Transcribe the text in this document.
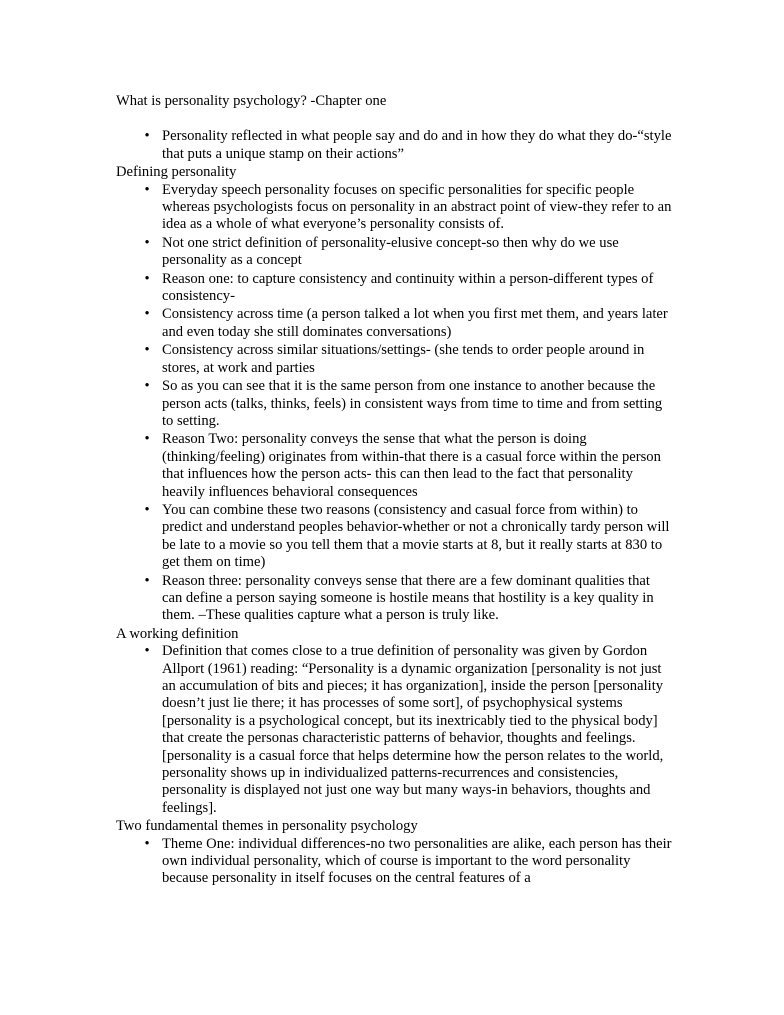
What is personality psychology? -Chapter one

• Personality reflected in what people say and do and in how they do what they do-“style that puts a unique stamp on their actions”

Defining personality

• Everyday speech personality focuses on specific personalities for specific people whereas psychologists focus on personality in an abstract point of view-they refer to an idea as a whole of what everyone’s personality consists of.
• Not one strict definition of personality-elusive concept-so then why do we use personality as a concept
• Reason one: to capture consistency and continuity within a person-different types of consistency-
• Consistency across time (a person talked a lot when you first met them, and years later and even today she still dominates conversations)
• Consistency across similar situations/settings- (she tends to order people around in stores, at work and parties
• So as you can see that it is the same person from one instance to another because the person acts (talks, thinks, feels) in consistent ways from time to time and from setting to setting.
• Reason Two: personality conveys the sense that what the person is doing (thinking/feeling) originates from within-that there is a casual force within the person that influences how the person acts- this can then lead to the fact that personality heavily influences behavioral consequences
• You can combine these two reasons (consistency and casual force from within) to predict and understand peoples behavior-whether or not a chronically tardy person will be late to a movie so you tell them that a movie starts at 8, but it really starts at 830 to get them on time)
• Reason three: personality conveys sense that there are a few dominant qualities that can define a person saying someone is hostile means that hostility is a key quality in them. –These qualities capture what a person is truly like.

A working definition

• Definition that comes close to a true definition of personality was given by Gordon Allport (1961) reading: “Personality is a dynamic organization [personality is not just an accumulation of bits and pieces; it has organization], inside the person [personality doesn’t just lie there; it has processes of some sort], of psychophysical systems [personality is a psychological concept, but its inextricably tied to the physical body] that create the personas characteristic patterns of behavior, thoughts and feelings.[personality is a casual force that helps determine how the person relates to the world, personality shows up in individualized patterns-recurrences and consistencies, personality is displayed not just one way but many ways-in behaviors, thoughts and feelings].

Two fundamental themes in personality psychology

• Theme One: individual differences-no two personalities are alike, each person has their own individual personality, which of course is important to the word personality because personality in itself focuses on the central features of a
